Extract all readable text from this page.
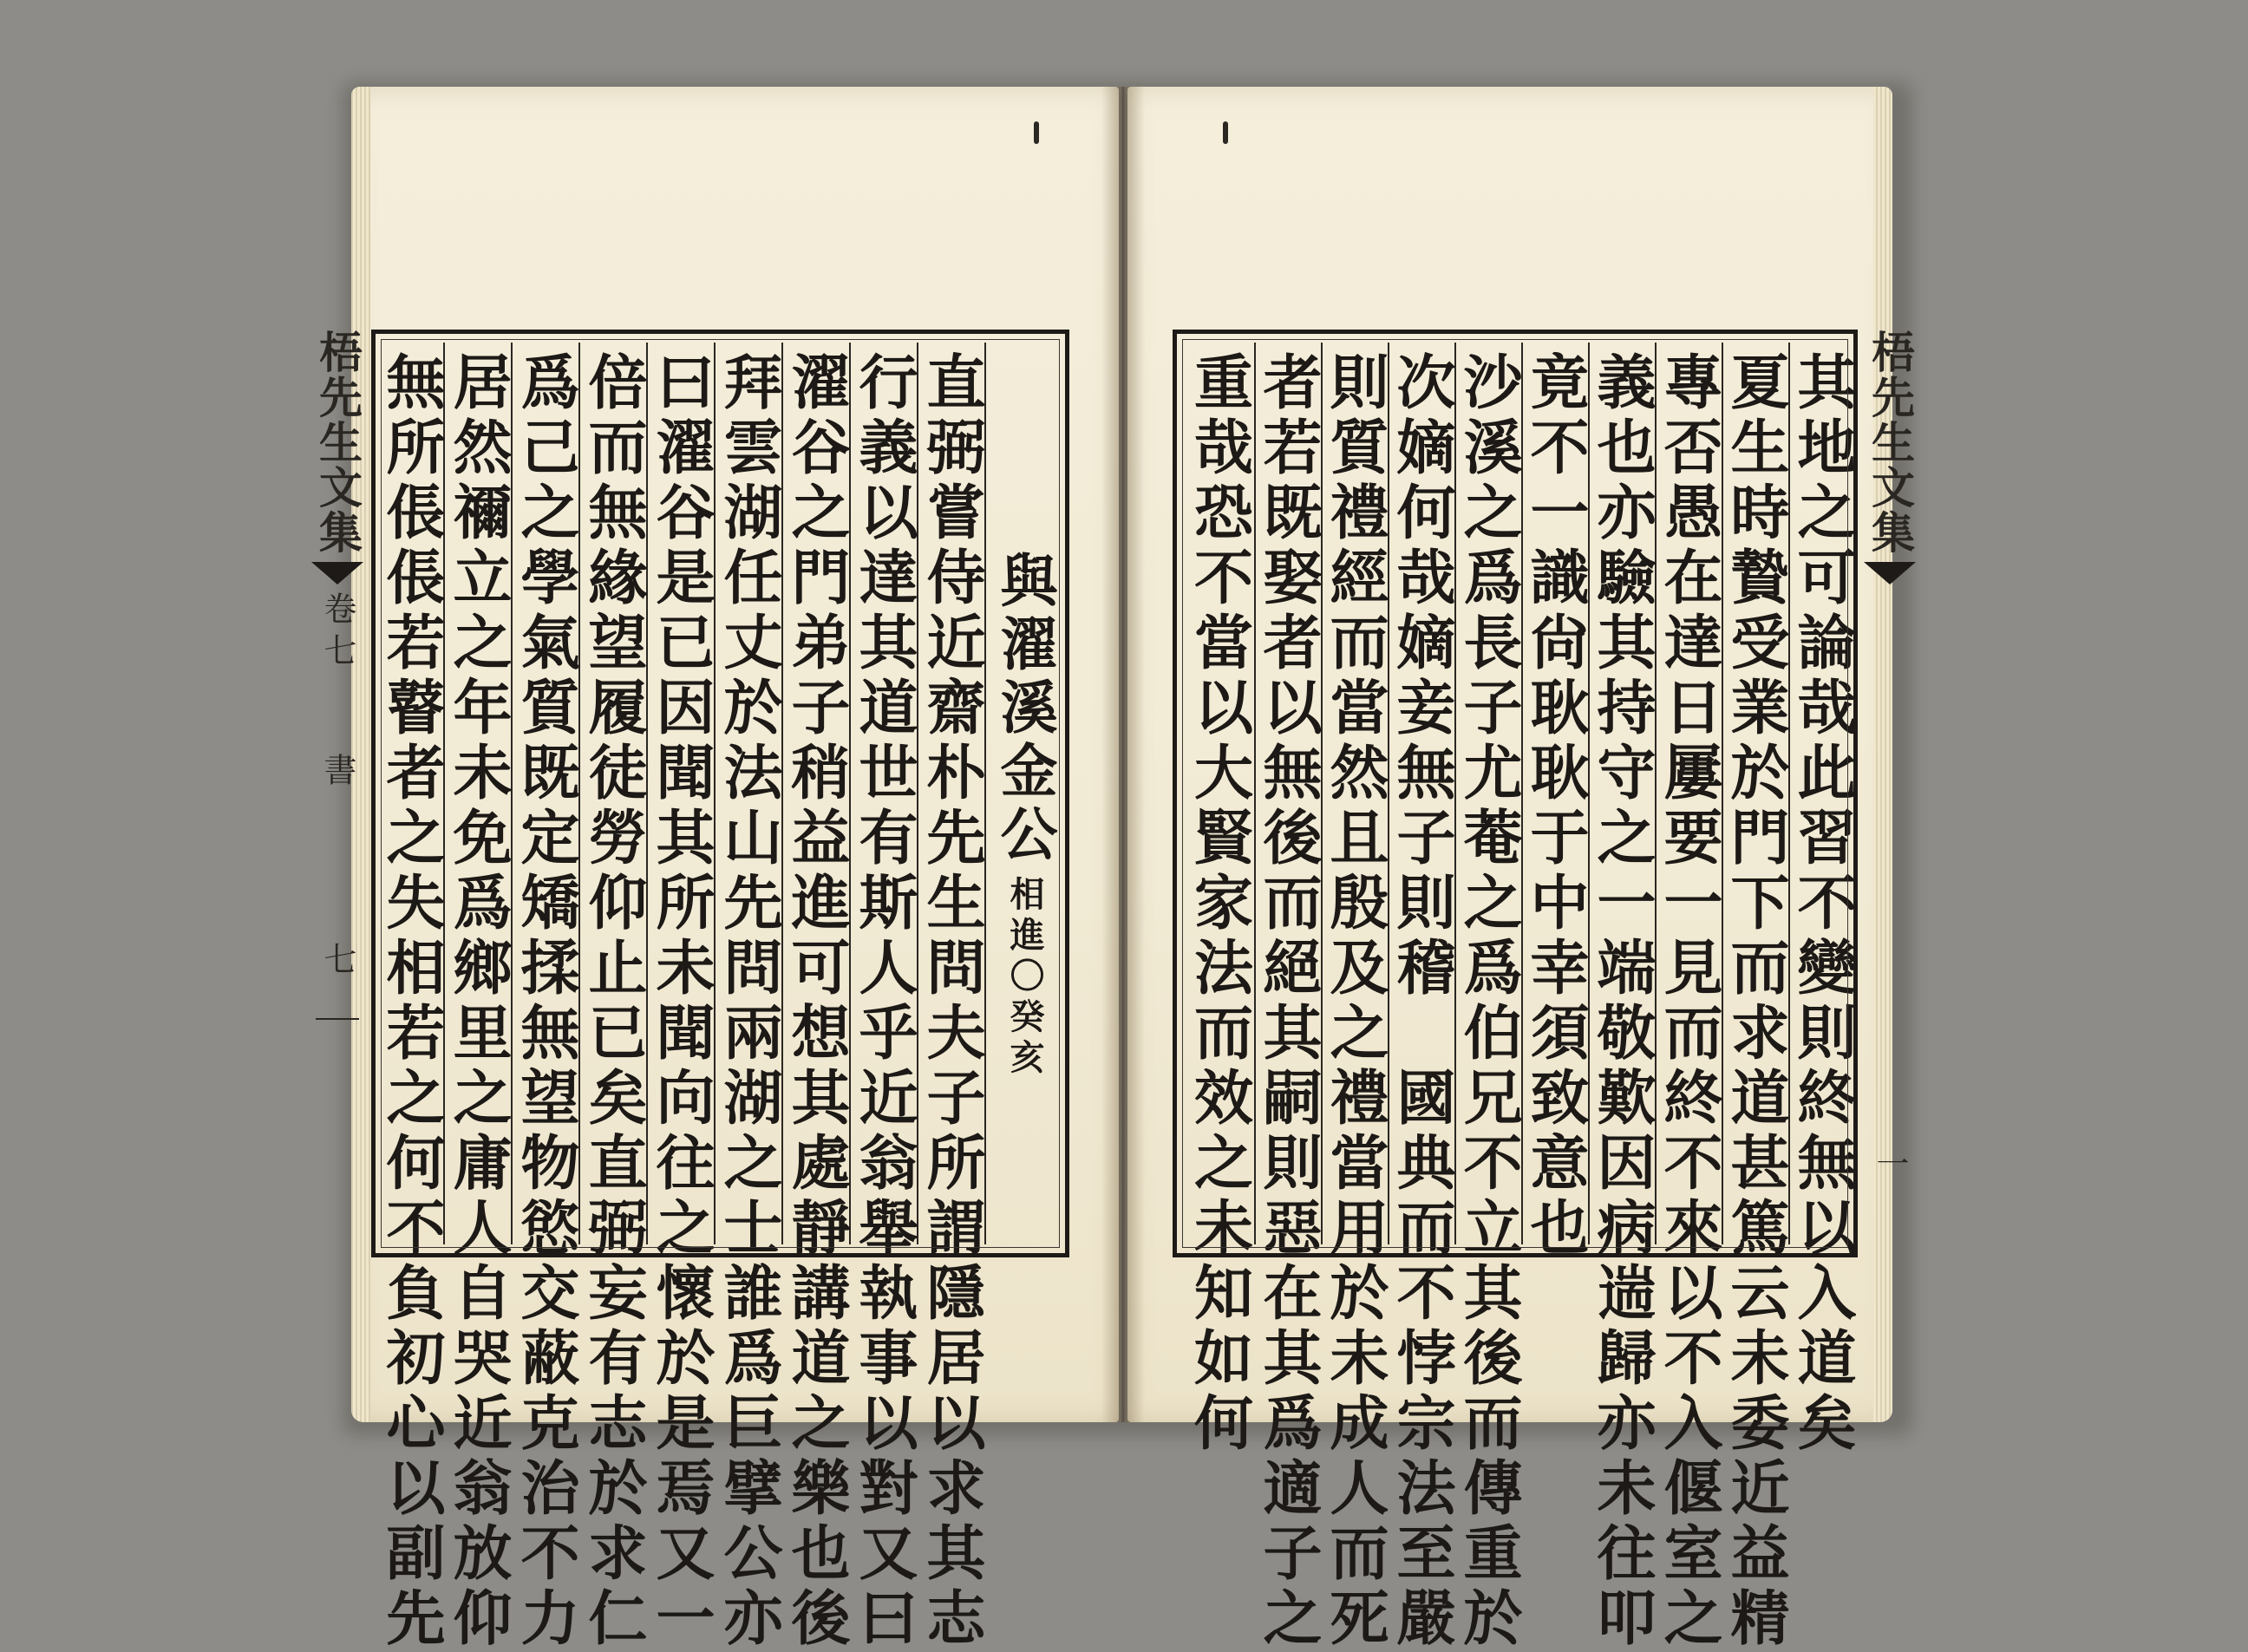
梧先生文集
卷七
書
七
與濯溪金公
相進〇癸亥
直弼嘗侍近齋朴先生問夫子所謂隱居以求其志
行義以達其道世有斯人乎近翁舉執事以對又曰
濯谷之門弟子稍益進可想其處靜講道之樂也後
拜雲湖任丈於法山先問兩湖之士誰爲巨擘公亦
曰濯谷是已因聞其所未聞向往之懷於是焉又一
倍而無緣望履徒勞仰止已矣直弼妄有志於求仁
爲己之學氣質既定矯揉無望物慾交蔽克治不力
居然禰立之年未免爲鄉里之庸人自哭近翁放仰
無所倀倀若瞽者之失相若之何不負初心以副先	梧先生文集
一
其地之可論哉此習不變則終無以入道矣
夏生時贄受業於門下而求道甚篤云未委近益精
專否愚在達日屢要一見而終不來以不入偃室之
義也亦驗其持守之一端敬歎因病遄歸亦未往叩
竟不一識尙耿耿于中幸須致意也
沙溪之爲長子尤菴之爲伯兄不立其後而傳重於
次嫡何哉嫡妾無子則稽　國典而不悖宗法至嚴
則質禮經而當然且殷及之禮當用於未成人而死
者若既娶者以無後而絕其嗣則惡在其爲適子之
重哉恐不當以大賢家法而效之未知如何
